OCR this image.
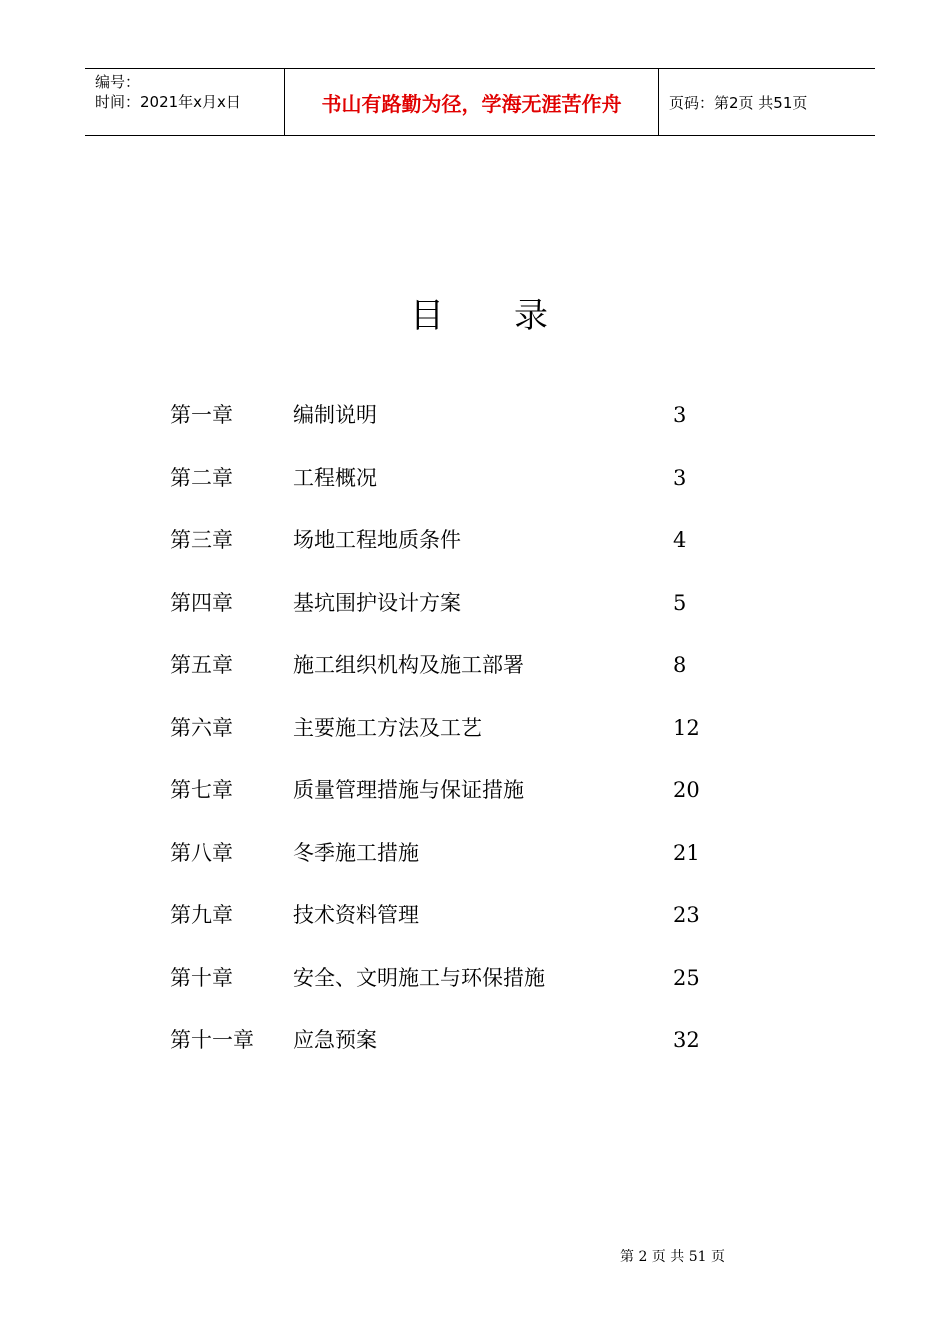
编号：
时间：2021年x月x日	书山有路勤为径，学海无涯苦作舟	页码：第2页 共51页
目 录
第一章	编制说明	3
第二章	工程概况	3
第三章	场地工程地质条件	4
第四章	基坑围护设计方案	5
第五章	施工组织机构及施工部署	8
第六章	主要施工方法及工艺	12
第七章	质量管理措施与保证措施	20
第八章	冬季施工措施	21
第九章	技术资料管理	23
第十章	安全、文明施工与环保措施	25
第十一章 应急预案	32
第 2 页 共 51 页
